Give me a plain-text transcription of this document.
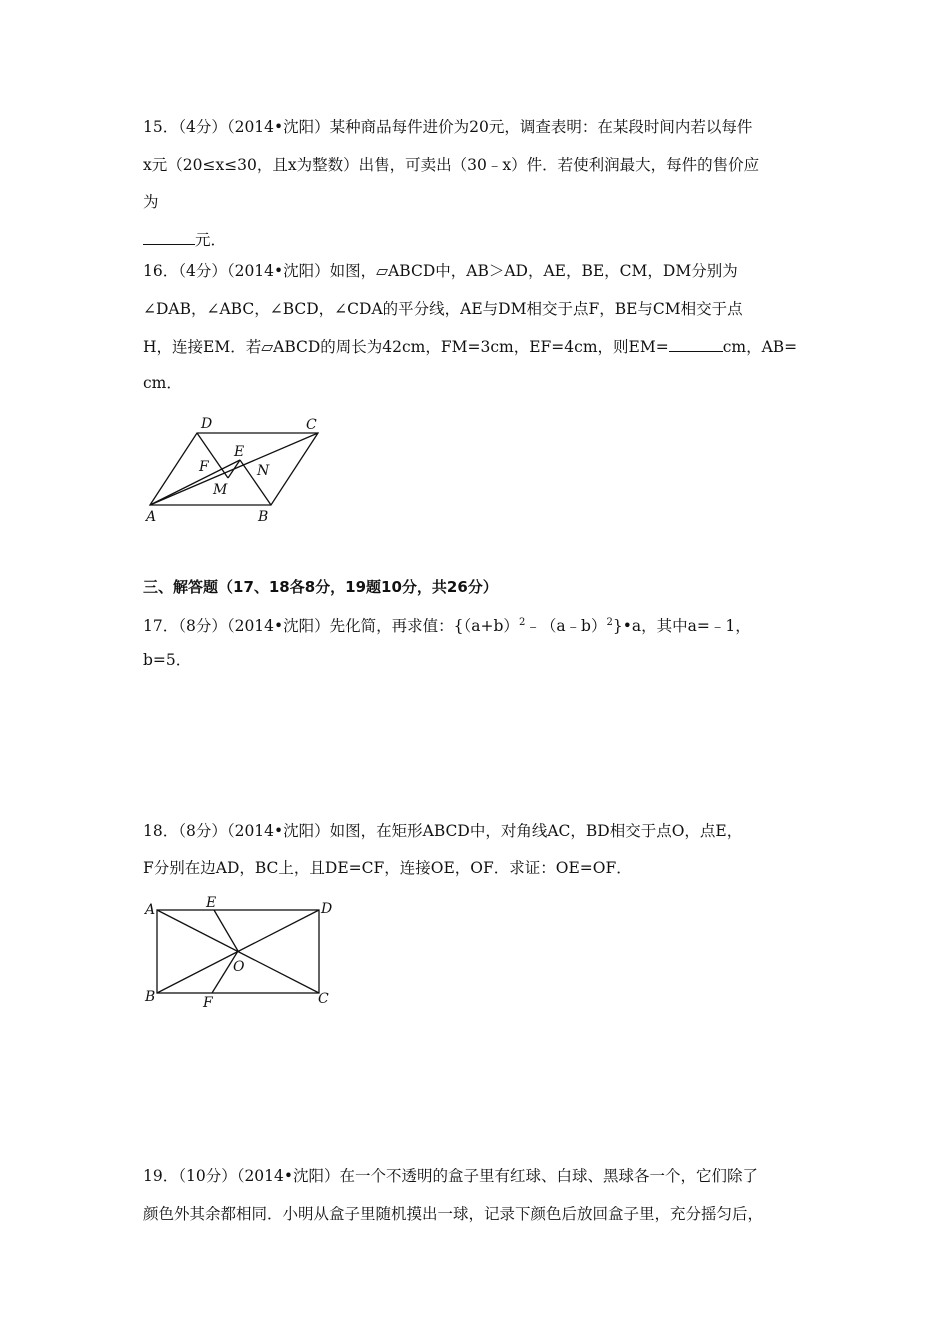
15．（4分）（2014•沈阳）某种商品每件进价为20元，调查表明：在某段时间内若以每件
x元（20≤x≤30，且x为整数）出售，可卖出（30﹣x）件．若使利润最大，每件的售价应
为
元．
16．（4分）（2014•沈阳）如图，▱ABCD中，AB＞AD，AE，BE，CM，DM分别为
∠DAB，∠ABC，∠BCD，∠CDA的平分线，AE与DM相交于点F，BE与CM相交于点
H，连接EM．若▱ABCD的周长为42cm，FM=3cm，EF=4cm，则EM=	cm，AB=
cm．
A	B
C
D
E
F
M
N
三、解答题（17、18各8分，19题10分，共26分）
17．（8分）（2014•沈阳）先化简，再求值：$\{(a+b)^2﹣(a﹣b)^2\}•a$，其中a=﹣1，
b=5．
18．（8分）（2014•沈阳）如图，在矩形ABCD中，对角线AC，BD相交于点O，点E，
F分别在边AD，BC上，且DE=CF，连接OE，OF．求证：OE=OF．
A
B	C
D
E
F
O
19．（10分）（2014•沈阳）在一个不透明的盒子里有红球、白球、黑球各一个，它们除了
颜色外其余都相同．小明从盒子里随机摸出一球，记录下颜色后放回盒子里，充分摇匀后，
